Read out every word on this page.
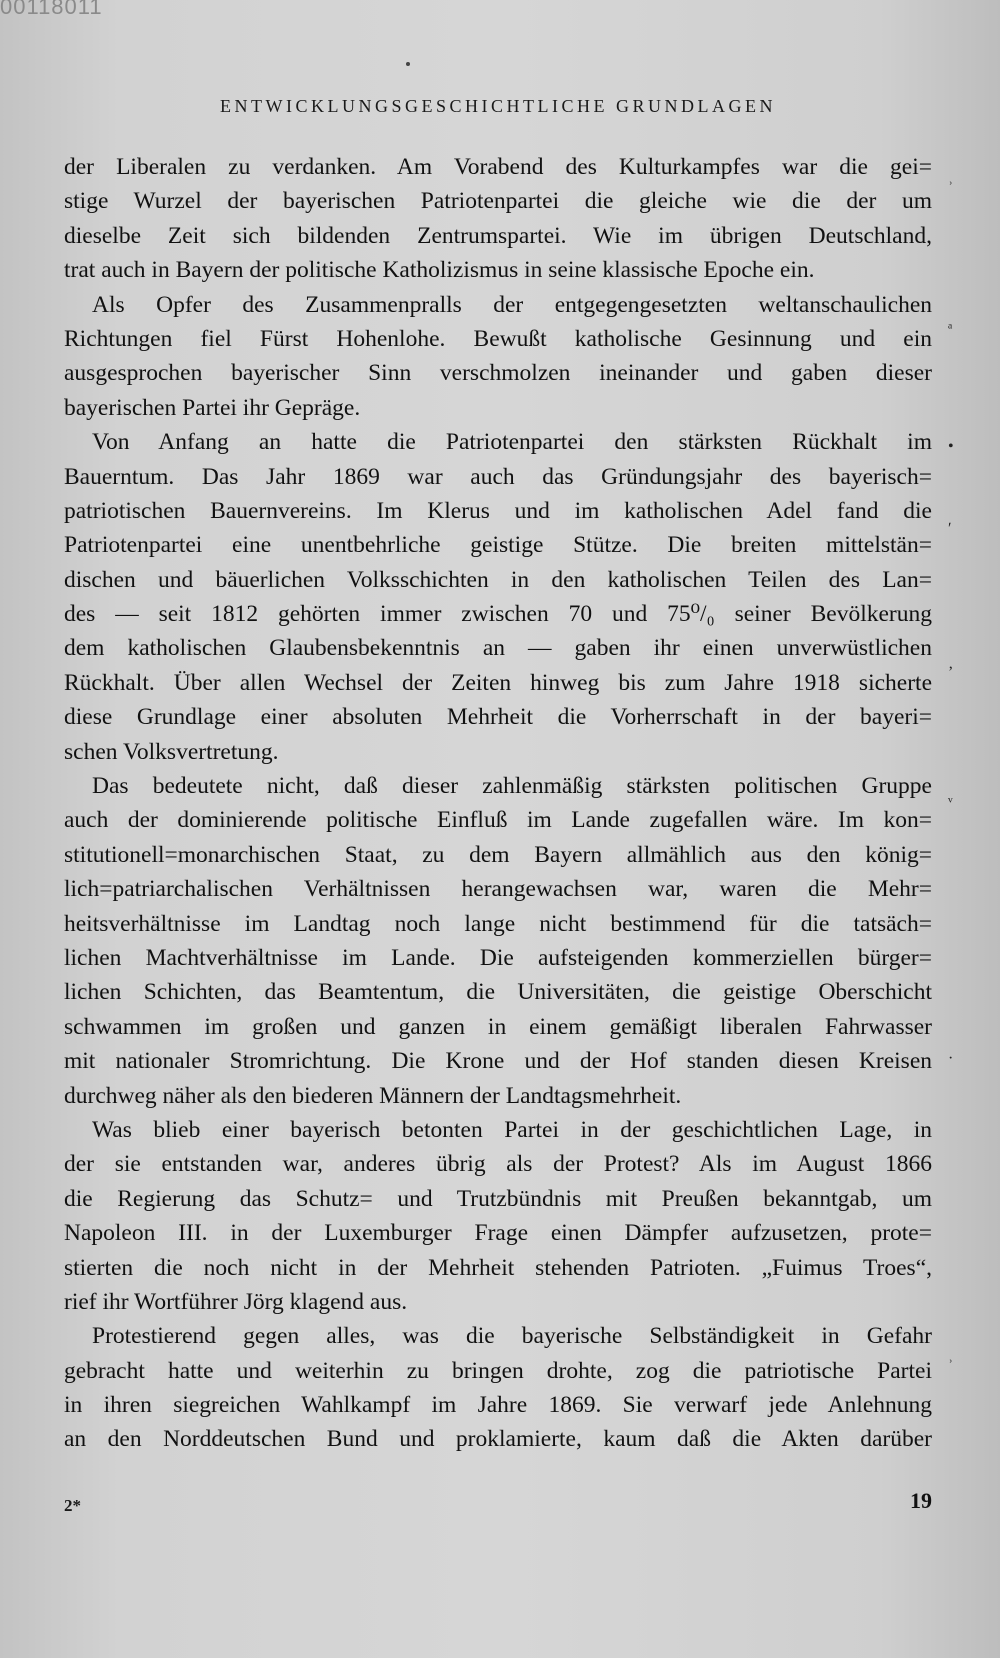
00118011
ENTWICKLUNGSGESCHICHTLICHE GRUNDLAGEN
der Liberalen zu verdanken. Am Vorabend des Kulturkampfes war die gei=
stige Wurzel der bayerischen Patriotenpartei die gleiche wie die der um
dieselbe Zeit sich bildenden Zentrumspartei. Wie im übrigen Deutschland,
trat auch in Bayern der politische Katholizismus in seine klassische Epoche ein.
Als Opfer des Zusammenpralls der entgegengesetzten weltanschaulichen
Richtungen fiel Fürst Hohenlohe. Bewußt katholische Gesinnung und ein
ausgesprochen bayerischer Sinn verschmolzen ineinander und gaben dieser
bayerischen Partei ihr Gepräge.
Von Anfang an hatte die Patriotenpartei den stärksten Rückhalt im
Bauerntum. Das Jahr 1869 war auch das Gründungsjahr des bayerisch=
patriotischen Bauernvereins. Im Klerus und im katholischen Adel fand die
Patriotenpartei eine unentbehrliche geistige Stütze. Die breiten mittelstän=
dischen und bäuerlichen Volksschichten in den katholischen Teilen des Lan=
des — seit 1812 gehörten immer zwischen 70 und 75⁰/₀ seiner Bevölkerung
dem katholischen Glaubensbekenntnis an — gaben ihr einen unverwüstlichen
Rückhalt. Über allen Wechsel der Zeiten hinweg bis zum Jahre 1918 sicherte
diese Grundlage einer absoluten Mehrheit die Vorherrschaft in der bayeri=
schen Volksvertretung.
Das bedeutete nicht, daß dieser zahlenmäßig stärksten politischen Gruppe
auch der dominierende politische Einfluß im Lande zugefallen wäre. Im kon=
stitutionell=monarchischen Staat, zu dem Bayern allmählich aus den könig=
lich=patriarchalischen Verhältnissen herangewachsen war, waren die Mehr=
heitsverhältnisse im Landtag noch lange nicht bestimmend für die tatsäch=
lichen Machtverhältnisse im Lande. Die aufsteigenden kommerziellen bürger=
lichen Schichten, das Beamtentum, die Universitäten, die geistige Oberschicht
schwammen im großen und ganzen in einem gemäßigt liberalen Fahrwasser
mit nationaler Stromrichtung. Die Krone und der Hof standen diesen Kreisen
durchweg näher als den biederen Männern der Landtagsmehrheit.
Was blieb einer bayerisch betonten Partei in der geschichtlichen Lage, in
der sie entstanden war, anderes übrig als der Protest? Als im August 1866
die Regierung das Schutz= und Trutzbündnis mit Preußen bekanntgab, um
Napoleon III. in der Luxemburger Frage einen Dämpfer aufzusetzen, prote=
stierten die noch nicht in der Mehrheit stehenden Patrioten. „Fuimus Troes“,
rief ihr Wortführer Jörg klagend aus.
Protestierend gegen alles, was die bayerische Selbständigkeit in Gefahr
gebracht hatte und weiterhin zu bringen drohte, zog die patriotische Partei
in ihren siegreichen Wahlkampf im Jahre 1869. Sie verwarf jede Anlehnung
an den Norddeutschen Bund und proklamierte, kaum daß die Akten darüber
ʾ
ᵃ
•
ʹ
ʼ
ᵥ
·
ʾ
2*	19
